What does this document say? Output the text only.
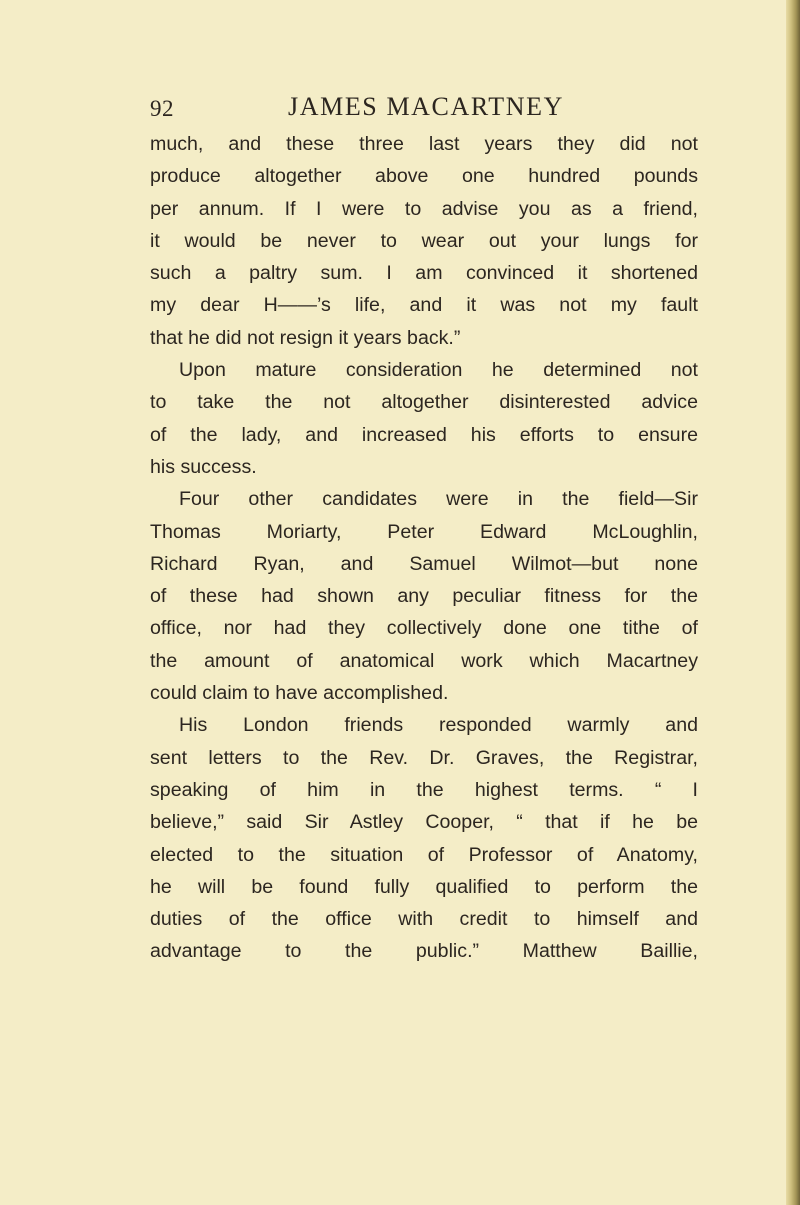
92	JAMES MACARTNEY
much, and these three last years they did not
produce altogether above one hundred pounds
per annum. If I were to advise you as a friend,
it would be never to wear out your lungs for
such a paltry sum. I am convinced it shortened
my dear H——’s life, and it was not my fault
that he did not resign it years back.”
Upon mature consideration he determined not
to take the not altogether disinterested advice
of the lady, and increased his efforts to ensure
his success.
Four other candidates were in the field—Sir
Thomas Moriarty, Peter Edward McLoughlin,
Richard Ryan, and Samuel Wilmot—but none
of these had shown any peculiar fitness for the
office, nor had they collectively done one tithe of
the amount of anatomical work which Macartney
could claim to have accomplished.
His London friends responded warmly and
sent letters to the Rev. Dr. Graves, the Registrar,
speaking of him in the highest terms. “ I
believe,” said Sir Astley Cooper, “ that if he be
elected to the situation of Professor of Anatomy,
he will be found fully qualified to perform the
duties of the office with credit to himself and
advantage to the public.” Matthew Baillie,
